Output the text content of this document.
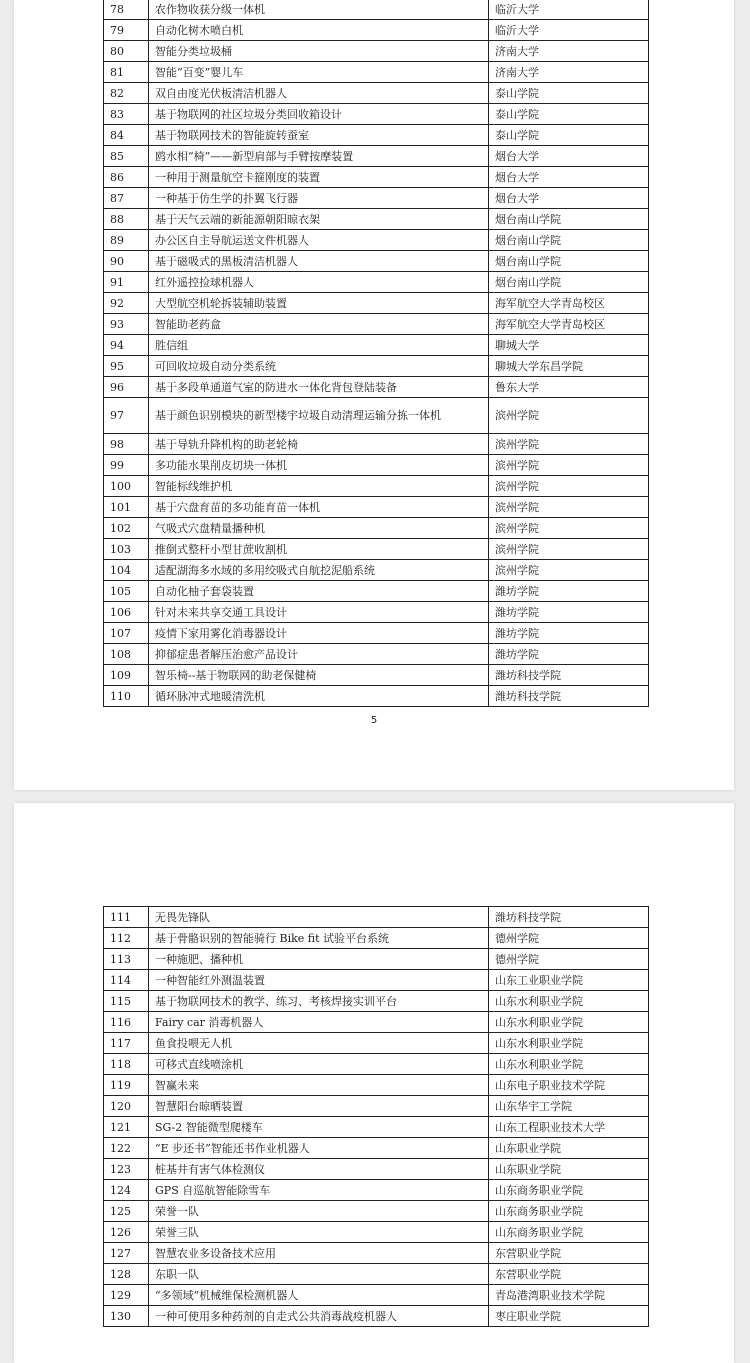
78	农作物收获分级一体机	临沂大学
79	自动化树木喷白机	临沂大学
80	智能分类垃圾桶	济南大学
81	智能“百变”婴儿车	济南大学
82	双自由度光伏板清洁机器人	泰山学院
83	基于物联网的社区垃圾分类回收箱设计	泰山学院
84	基于物联网技术的智能旋转蚕室	泰山学院
85	鸥水相“椅”——新型肩部与手臂按摩装置	烟台大学
86	一种用于测量航空卡箍刚度的装置	烟台大学
87	一种基于仿生学的扑翼飞行器	烟台大学
88	基于天气云端的新能源朝阳晾衣架	烟台南山学院
89	办公区自主导航运送文件机器人	烟台南山学院
90	基于磁吸式的黑板清洁机器人	烟台南山学院
91	红外遥控捡球机器人	烟台南山学院
92	大型航空机轮拆装辅助装置	海军航空大学青岛校区
93	智能助老药盒	海军航空大学青岛校区
94	胜信组	聊城大学
95	可回收垃圾自动分类系统	聊城大学东昌学院
96	基于多段单通道气室的防进水一体化背包登陆装备	鲁东大学
97	基于颜色识别模块的新型楼宇垃圾自动清理运输分拣一体机	滨州学院
98	基于导轨升降机构的助老轮椅	滨州学院
99	多功能水果削皮切块一体机	滨州学院
100	智能标线维护机	滨州学院
101	基于穴盘育苗的多功能育苗一体机	滨州学院
102	气吸式穴盘精量播种机	滨州学院
103	推倒式整杆小型甘蔗收割机	滨州学院
104	适配湖海多水域的多用绞吸式自航挖泥船系统	滨州学院
105	自动化柚子套袋装置	潍坊学院
106	针对未来共享交通工具设计	潍坊学院
107	疫情下家用雾化消毒器设计	潍坊学院
108	抑郁症患者解压治愈产品设计	潍坊学院
109	智乐椅--基于物联网的助老保健椅	潍坊科技学院
110	循环脉冲式地暖清洗机	潍坊科技学院
5
111	无畏先锋队	潍坊科技学院
112	基于骨骼识别的智能骑行 Bike fit 试验平台系统	德州学院
113	一种施肥、播种机	德州学院
114	一种智能红外测温装置	山东工业职业学院
115	基于物联网技术的教学、练习、考核焊接实训平台	山东水利职业学院
116	Fairy car 消毒机器人	山东水利职业学院
117	鱼食投喂无人机	山东水利职业学院
118	可移式直线喷涂机	山东水利职业学院
119	智赢未来	山东电子职业技术学院
120	智慧阳台晾晒装置	山东华宇工学院
121	SG-2 智能微型爬楼车	山东工程职业技术大学
122	“E 步还书”智能还书作业机器人	山东职业学院
123	桩基井有害气体检测仪	山东职业学院
124	GPS 自巡航智能除雪车	山东商务职业学院
125	荣誉一队	山东商务职业学院
126	荣誉三队	山东商务职业学院
127	智慧农业多设备技术应用	东营职业学院
128	东职一队	东营职业学院
129	“多领域”机械维保检测机器人	青岛港湾职业技术学院
130	一种可使用多种药剂的自走式公共消毒战疫机器人	枣庄职业学院
